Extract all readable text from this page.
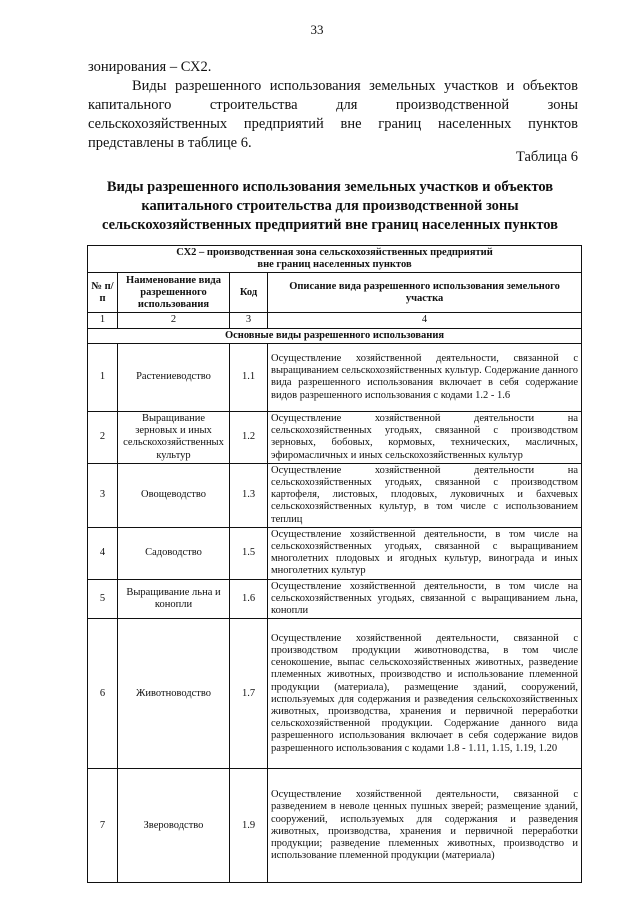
33

зонирования – СХ2.

Виды разрешенного использования земельных участков и объектов капитального строительства для производственной зоны сельскохозяйственных предприятий вне границ населенных пунктов представлены в таблице 6.

Таблица 6
Виды разрешенного использования земельных участков и объектов
капитального строительства для производственной зоны
сельскохозяйственных предприятий вне границ населенных пунктов
СХ2 – производственная зона сельскохозяйственных предприятий
вне границ населенных пунктов			

№ п/п	Наименование вида разрешенного использования	Код	Описание вида разрешенного использования земельного участка
1	2	3	4
Основные виды разрешенного использования			
1	Растениеводство	1.1	Осуществление хозяйственной деятельности, связанной с выращиванием сельскохозяйственных культур. Содержание данного вида разрешенного использования включает в себя содержание видов разрешенного использования с кодами 1.2 - 1.6
2	Выращивание зерновых и иных сельскохозяйственных культур	1.2	Осуществление хозяйственной деятельности на сельскохозяйственных угодьях, связанной с производством зерновых, бобовых, кормовых, технических, масличных, эфиромасличных и иных сельскохозяйственных культур
3	Овощеводство	1.3	Осуществление хозяйственной деятельности на сельскохозяйственных угодьях, связанной с производством картофеля, листовых, плодовых, луковичных и бахчевых сельскохозяйственных культур, в том числе с использованием теплиц
4	Садоводство	1.5	Осуществление хозяйственной деятельности, в том числе на сельскохозяйственных угодьях, связанной с выращиванием многолетних плодовых и ягодных культур, винограда и иных многолетних культур
5	Выращивание льна и конопли	1.6	Осуществление хозяйственной деятельности, в том числе на сельскохозяйственных угодьях, связанной с выращиванием льна, конопли
6	Животноводство	1.7	Осуществление хозяйственной деятельности, связанной с производством продукции животноводства, в том числе сенокошение, выпас сельскохозяйственных животных, разведение племенных животных, производство и использование племенной продукции (материала), размещение зданий, сооружений, используемых для содержания и разведения сельскохозяйственных животных, производства, хранения и первичной переработки сельскохозяйственной продукции. Содержание данного вида разрешенного использования включает в себя содержание видов разрешенного использования с кодами 1.8 - 1.11, 1.15, 1.19, 1.20
7	Звероводство	1.9	Осуществление хозяйственной деятельности, связанной с разведением в неволе ценных пушных зверей; размещение зданий, сооружений, используемых для содержания и разведения животных, производства, хранения и первичной переработки продукции; разведение племенных животных, производство и использование племенной продукции (материала)
